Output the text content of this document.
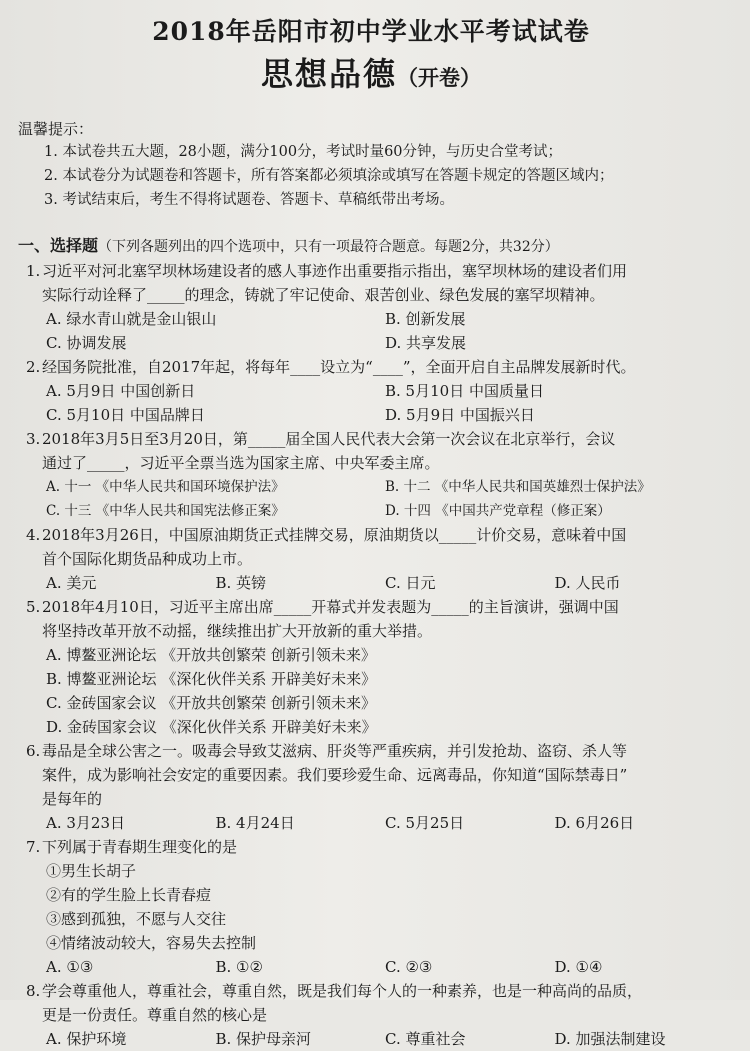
2018年岳阳市初中学业水平考试试卷
思想品德（开卷）
温馨提示：
1. 本试卷共五大题，28小题，满分100分，考试时量60分钟，与历史合堂考试；
2. 本试卷分为试题卷和答题卡，所有答案都必须填涂或填写在答题卡规定的答题区域内；
3. 考试结束后，考生不得将试题卷、答题卡、草稿纸带出考场。
一、选择题（下列各题列出的四个选项中，只有一项最符合题意。每题2分，共32分）
1. 习近平对河北塞罕坝林场建设者的感人事迹作出重要指示指出，塞罕坝林场的建设者们用
实际行动诠释了_____的理念，铸就了牢记使命、艰苦创业、绿色发展的塞罕坝精神。
A. 绿水青山就是金山银山	B. 创新发展
C. 协调发展	D. 共享发展
2. 经国务院批准，自2017年起，将每年____设立为“____”，全面开启自主品牌发展新时代。
A. 5月9日 中国创新日	B. 5月10日 中国质量日
C. 5月10日 中国品牌日	D. 5月9日 中国振兴日
3. 2018年3月5日至3月20日，第_____届全国人民代表大会第一次会议在北京举行，会议
通过了_____，习近平全票当选为国家主席、中央军委主席。
A. 十一 《中华人民共和国环境保护法》	B. 十二 《中华人民共和国英雄烈士保护法》
C. 十三 《中华人民共和国宪法修正案》	D. 十四 《中国共产党章程（修正案）
4. 2018年3月26日，中国原油期货正式挂牌交易，原油期货以_____计价交易，意味着中国
首个国际化期货品种成功上市。
A. 美元	B. 英镑	C. 日元	D. 人民币
5. 2018年4月10日，习近平主席出席_____开幕式并发表题为_____的主旨演讲，强调中国
将坚持改革开放不动摇，继续推出扩大开放新的重大举措。
A. 博鳌亚洲论坛 《开放共创繁荣 创新引领未来》
B. 博鳌亚洲论坛 《深化伙伴关系 开辟美好未来》
C. 金砖国家会议 《开放共创繁荣 创新引领未来》
D. 金砖国家会议 《深化伙伴关系 开辟美好未来》
6. 毒品是全球公害之一。吸毒会导致艾滋病、肝炎等严重疾病，并引发抢劫、盗窃、杀人等
案件，成为影响社会安定的重要因素。我们要珍爱生命、远离毒品，你知道“国际禁毒日”
是每年的
A. 3月23日	B. 4月24日	C. 5月25日	D. 6月26日
7. 下列属于青春期生理变化的是
①男生长胡子
②有的学生脸上长青春痘
③感到孤独，不愿与人交往
④情绪波动较大，容易失去控制
A. ①③	B. ①②	C. ②③	D. ①④
8. 学会尊重他人，尊重社会，尊重自然，既是我们每个人的一种素养，也是一种高尚的品质，
更是一份责任。尊重自然的核心是
A. 保护环境	B. 保护母亲河	C. 尊重社会	D. 加强法制建设
